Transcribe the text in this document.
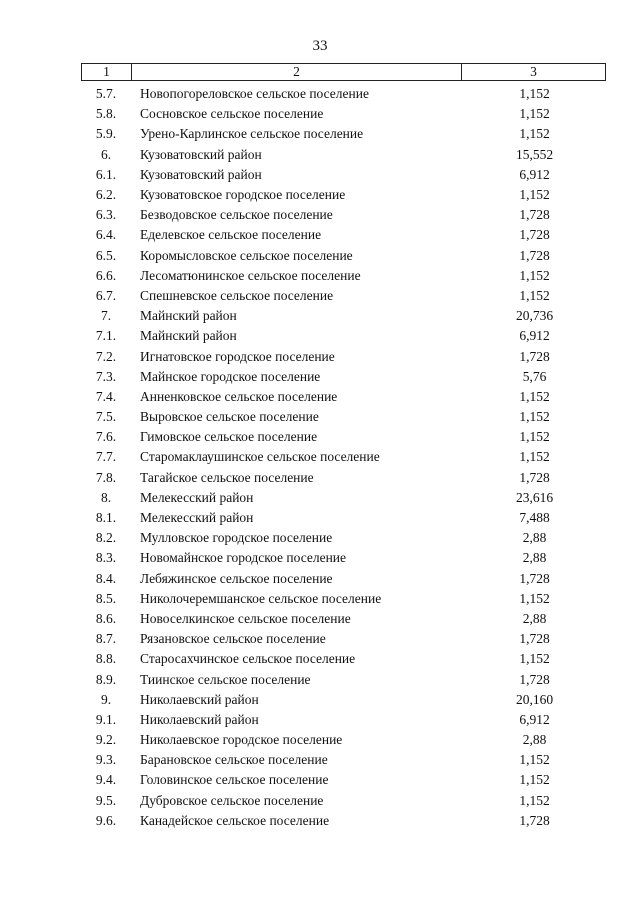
33
1	2	3
5.7.	Новопогореловское сельское поселение	1,152
5.8.	Сосновское сельское поселение	1,152
5.9.	Урено-Карлинское сельское поселение	1,152
6.	Кузоватовский район	15,552
6.1.	Кузоватовский район	6,912
6.2.	Кузоватовское городское поселение	1,152
6.3.	Безводовское сельское поселение	1,728
6.4.	Еделевское сельское поселение	1,728
6.5.	Коромысловское сельское поселение	1,728
6.6.	Лесоматюнинское сельское поселение	1,152
6.7.	Спешневское сельское поселение	1,152
7.	Майнский район	20,736
7.1.	Майнский район	6,912
7.2.	Игнатовское городское поселение	1,728
7.3.	Майнское городское поселение	5,76
7.4.	Анненковское сельское поселение	1,152
7.5.	Выровское сельское поселение	1,152
7.6.	Гимовское сельское поселение	1,152
7.7.	Старомаклаушинское сельское поселение	1,152
7.8.	Тагайское сельское поселение	1,728
8.	Мелекесский район	23,616
8.1.	Мелекесский район	7,488
8.2.	Мулловское городское поселение	2,88
8.3.	Новомайнское городское поселение	2,88
8.4.	Лебяжинское сельское поселение	1,728
8.5.	Николочеремшанское сельское поселение	1,152
8.6.	Новоселкинское сельское поселение	2,88
8.7.	Рязановское сельское поселение	1,728
8.8.	Старосахчинское сельское поселение	1,152
8.9.	Тиинское сельское поселение	1,728
9.	Николаевский район	20,160
9.1.	Николаевский район	6,912
9.2.	Николаевское городское поселение	2,88
9.3.	Барановское сельское поселение	1,152
9.4.	Головинское сельское поселение	1,152
9.5.	Дубровское сельское поселение	1,152
9.6.	Канадейское сельское поселение	1,728
